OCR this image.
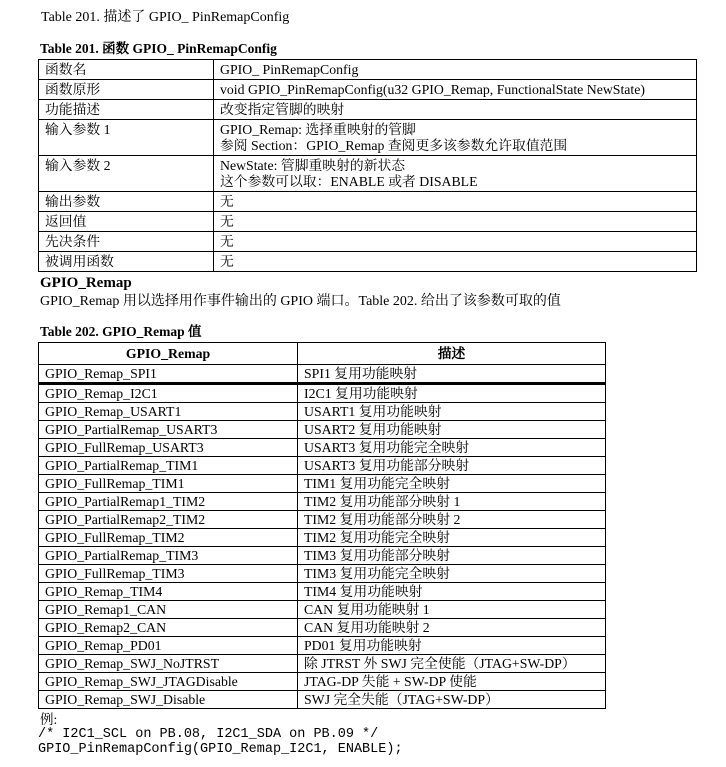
Table 201. 描述了 GPIO_ PinRemapConfig
Table 201. 函数 GPIO_ PinRemapConfig
函数名	GPIO_ PinRemapConfig

函数原形	void GPIO_PinRemapConfig(u32 GPIO_Remap, FunctionalState NewState)

功能描述	改变指定管脚的映射

输入参数 1	GPIO_Remap: 选择重映射的管脚
参阅 Section：GPIO_Remap 查阅更多该参数允许取值范围

输入参数 2	NewState: 管脚重映射的新状态
这个参数可以取：ENABLE 或者 DISABLE

输出参数	无

返回值	无

先决条件	无

被调用函数	无
GPIO_Remap
GPIO_Remap 用以选择用作事件输出的 GPIO 端口。Table 202. 给出了该参数可取的值
Table 202. GPIO_Remap 值
GPIO_Remap	描述
GPIO_Remap_SPI1	SPI1 复用功能映射
GPIO_Remap_I2C1	I2C1 复用功能映射
GPIO_Remap_USART1	USART1 复用功能映射
GPIO_PartialRemap_USART3	USART2 复用功能映射
GPIO_FullRemap_USART3	USART3 复用功能完全映射
GPIO_PartialRemap_TIM1	USART3 复用功能部分映射
GPIO_FullRemap_TIM1	TIM1 复用功能完全映射
GPIO_PartialRemap1_TIM2	TIM2 复用功能部分映射 1
GPIO_PartialRemap2_TIM2	TIM2 复用功能部分映射 2
GPIO_FullRemap_TIM2	TIM2 复用功能完全映射
GPIO_PartialRemap_TIM3	TIM3 复用功能部分映射
GPIO_FullRemap_TIM3	TIM3 复用功能完全映射
GPIO_Remap_TIM4	TIM4 复用功能映射
GPIO_Remap1_CAN	CAN 复用功能映射 1
GPIO_Remap2_CAN	CAN 复用功能映射 2
GPIO_Remap_PD01	PD01 复用功能映射
GPIO_Remap_SWJ_NoJTRST	除 JTRST 外 SWJ 完全使能（JTAG+SW-DP）
GPIO_Remap_SWJ_JTAGDisable	JTAG-DP 失能 + SW-DP 使能
GPIO_Remap_SWJ_Disable	SWJ 完全失能（JTAG+SW-DP）
例:
/* I2C1_SCL on PB.08, I2C1_SDA on PB.09 */
GPIO_PinRemapConfig(GPIO_Remap_I2C1, ENABLE);
